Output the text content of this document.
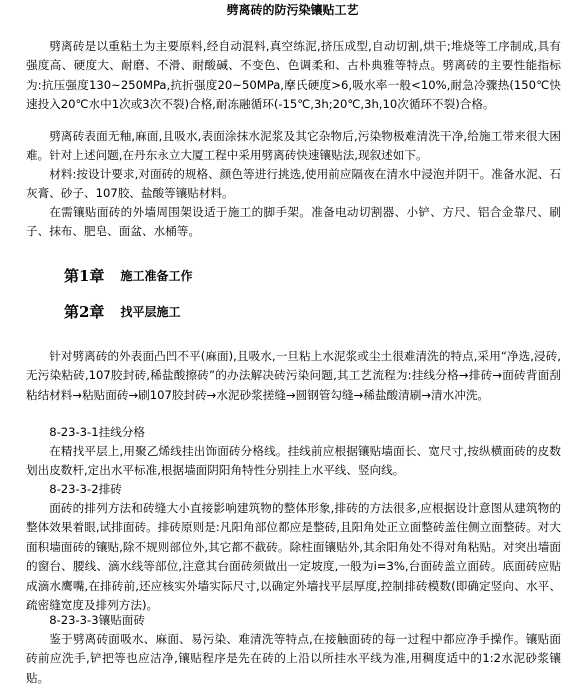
劈离砖的防污染镶贴工艺

劈离砖是以重粘土为主要原料,经自动混料,真空练泥,挤压成型,自动切割,烘干;堆烧等工序制成,具有强度高、硬度大、耐磨、不滑、耐酸碱、不变色、色调柔和、古朴典雅等特点。劈离砖的主要性能指标为:抗压强度130~250MPa,抗折强度20~50MPa,摩氏硬度>6,吸水率一般<10%,耐急冷骤热(150℃快速投入20℃水中1次或3次不裂)合格,耐冻融循环(-15℃,3h;20℃,3h,10次循环不裂)合格。

劈离砖表面无釉,麻面,且吸水,表面涂抹水泥浆及其它杂物后,污染物极难清洗干净,给施工带来很大困难。针对上述问题,在丹东永立大厦工程中采用劈离砖快速镶贴法,现叙述如下。

材料:按设计要求,对面砖的规格、颜色等进行挑选,使用前应隔夜在清水中浸泡并阴干。准备水泥、石灰膏、砂子、107胶、盐酸等镶贴材料。

在需镶贴面砖的外墙周围架设适于施工的脚手架。准备电动切割器、小铲、方尺、铝合金靠尺、刷子、抹布、肥皂、面盆、水桶等。

第1章 施工准备工作
第2章 找平层施工

针对劈离砖的外表面凸凹不平(麻面),且吸水,一旦粘上水泥浆或尘土很难清洗的特点,采用“净选,浸砖,无污染粘砖,107胶封砖,稀盐酸擦砖”的办法解决砖污染问题,其工艺流程为:挂线分格→排砖→面砖背面刮粘结材料→粘贴面砖→刷107胶封砖→水泥砂浆搓缝→圆钢管勾缝→稀盐酸清刷→清水冲洗。

8-23-3-1挂线分格

在精找平层上,用聚乙烯线挂出饰面砖分格线。挂线前应根据镶贴墙面长、宽尺寸,按纵横面砖的皮数划出皮数杆,定出水平标准,根据墙面阴阳角特性分别挂上水平线、竖向线。

8-23-3-2排砖

面砖的排列方法和砖缝大小直接影响建筑物的整体形象,排砖的方法很多,应根据设计意图从建筑物的整体效果着眼,试排面砖。排砖原则是:凡阳角部位都应是整砖,且阳角处正立面整砖盖住侧立面整砖。对大面积墙面砖的镶贴,除不规则部位外,其它都不截砖。除柱面镶贴外,其余阳角处不得对角粘贴。对突出墙面的窗台、腰线、滴水线等部位,注意其台面砖须做出一定坡度,一般为i=3%,台面砖盖立面砖。底面砖应贴成滴水鹰嘴,在排砖前,还应核实外墙实际尺寸,以确定外墙找平层厚度,控制排砖模数(即确定竖向、水平、疏密缝宽度及排列方法)。

8-23-3-3镶贴面砖

鉴于劈离砖面吸水、麻面、易污染、难清洗等特点,在接触面砖的每一过程中都应净手操作。镶贴面砖前应洗手,铲把等也应洁净,镶贴程序是先在砖的上沿以所挂水平线为准,用稠度适中的1:2水泥砂浆镶贴。
